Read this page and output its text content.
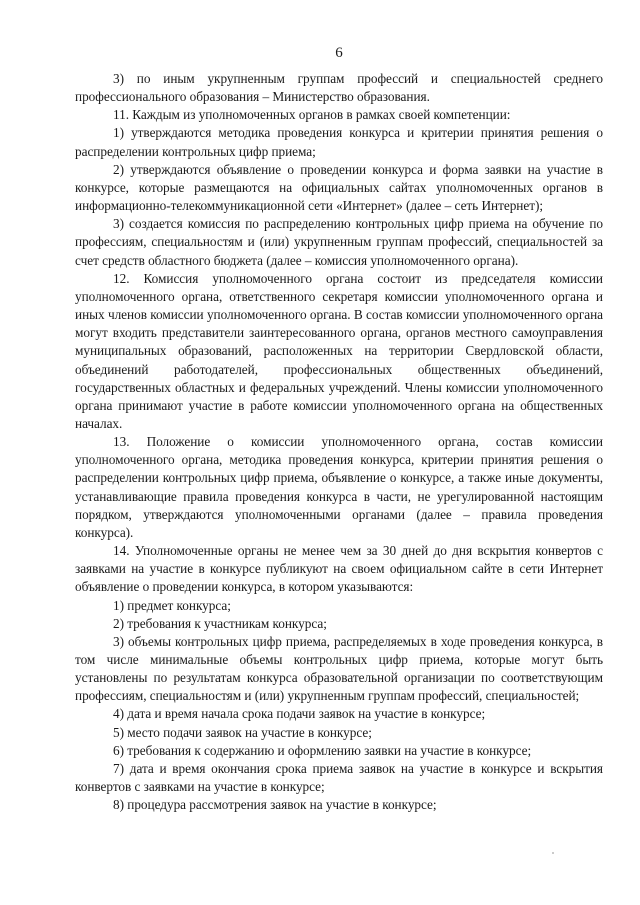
6

3) по иным укрупненным группам профессий и специальностей среднего профессионального образования – Министерство образования.

11. Каждым из уполномоченных органов в рамках своей компетенции:

1) утверждаются методика проведения конкурса и критерии принятия решения о распределении контрольных цифр приема;

2) утверждаются объявление о проведении конкурса и форма заявки на участие в конкурсе, которые размещаются на официальных сайтах уполномоченных органов в информационно-телекоммуникационной сети «Интернет» (далее – сеть Интернет);

3) создается комиссия по распределению контрольных цифр приема на обучение по профессиям, специальностям и (или) укрупненным группам профессий, специальностей за счет средств областного бюджета (далее – комиссия уполномоченного органа).

12. Комиссия уполномоченного органа состоит из председателя комиссии уполномоченного органа, ответственного секретаря комиссии уполномоченного органа и иных членов комиссии уполномоченного органа. В состав комиссии уполномоченного органа могут входить представители заинтересованного органа, органов местного самоуправления муниципальных образований, расположенных на территории Свердловской области, объединений работодателей, профессиональных общественных объединений, государственных областных и федеральных учреждений. Члены комиссии уполномоченного органа принимают участие в работе комиссии уполномоченного органа на общественных началах.

13. Положение о комиссии уполномоченного органа, состав комиссии уполномоченного органа, методика проведения конкурса, критерии принятия решения о распределении контрольных цифр приема, объявление о конкурсе, а также иные документы, устанавливающие правила проведения конкурса в части, не урегулированной настоящим порядком, утверждаются уполномоченными органами (далее – правила проведения конкурса).

14. Уполномоченные органы не менее чем за 30 дней до дня вскрытия конвертов с заявками на участие в конкурсе публикуют на своем официальном сайте в сети Интернет объявление о проведении конкурса, в котором указываются:

1) предмет конкурса;

2) требования к участникам конкурса;

3) объемы контрольных цифр приема, распределяемых в ходе проведения конкурса, в том числе минимальные объемы контрольных цифр приема, которые могут быть установлены по результатам конкурса образовательной организации по соответствующим профессиям, специальностям и (или) укрупненным группам профессий, специальностей;

4) дата и время начала срока подачи заявок на участие в конкурсе;

5) место подачи заявок на участие в конкурсе;

6) требования к содержанию и оформлению заявки на участие в конкурсе;

7) дата и время окончания срока приема заявок на участие в конкурсе и вскрытия конвертов с заявками на участие в конкурсе;

8) процедура рассмотрения заявок на участие в конкурсе;
